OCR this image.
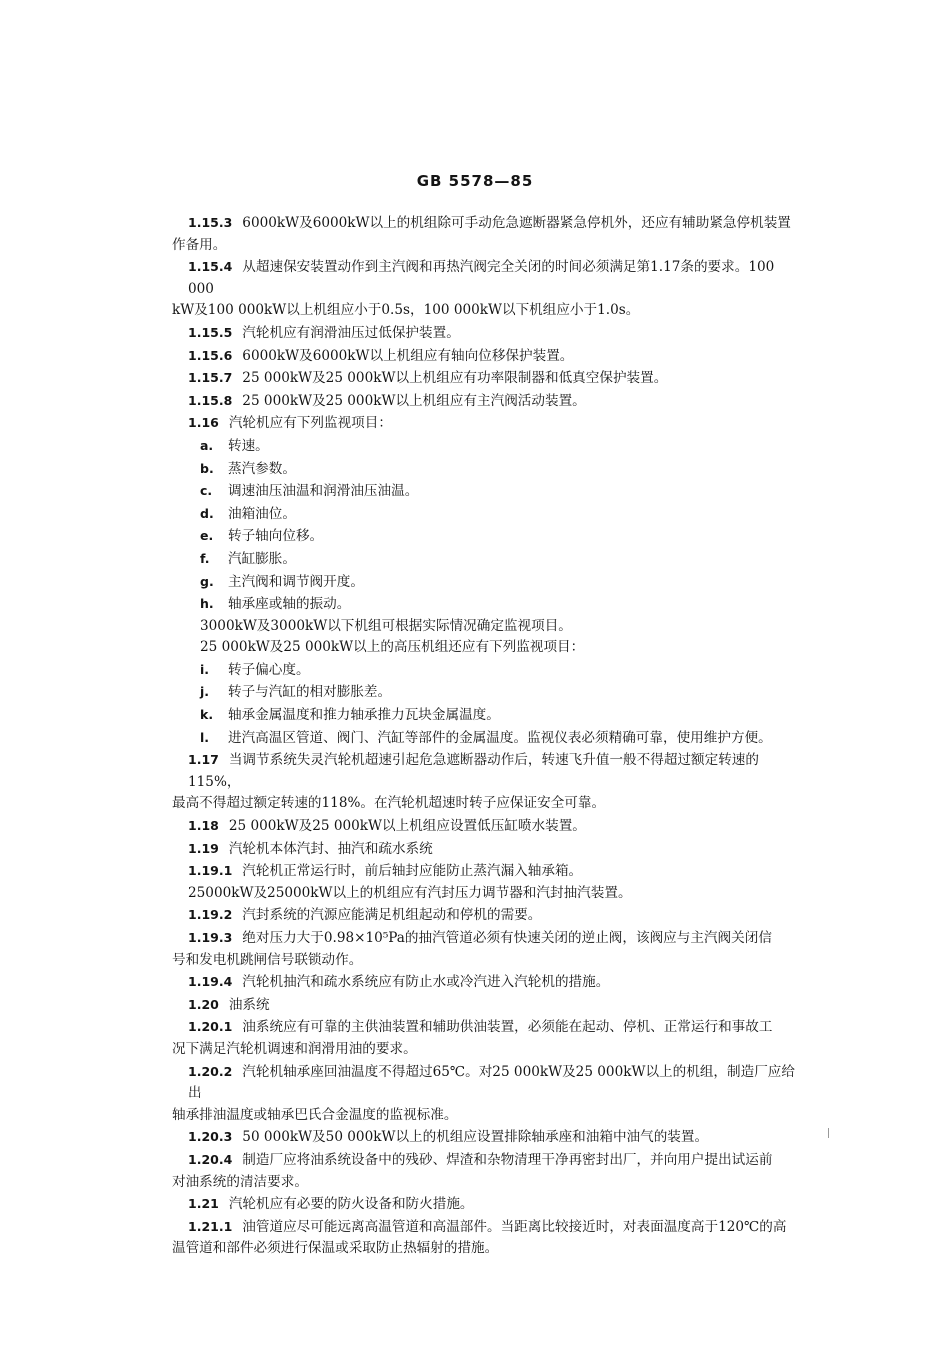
GB 5578—85

1.15.3 6000kW及6000kW以上的机组除可手动危急遮断器紧急停机外，还应有辅助紧急停机装置

作备用。

1.15.4 从超速保安装置动作到主汽阀和再热汽阀完全关闭的时间必须满足第1.17条的要求。100 000

kW及100 000kW以上机组应小于0.5s，100 000kW以下机组应小于1.0s。

1.15.5 汽轮机应有润滑油压过低保护装置。

1.15.6 6000kW及6000kW以上机组应有轴向位移保护装置。

1.15.7 25 000kW及25 000kW以上机组应有功率限制器和低真空保护装置。

1.15.8 25 000kW及25 000kW以上机组应有主汽阀活动装置。

1.16 汽轮机应有下列监视项目：

a. 转速。

b. 蒸汽参数。

c. 调速油压油温和润滑油压油温。

d. 油箱油位。

e. 转子轴向位移。

f. 汽缸膨胀。

g. 主汽阀和调节阀开度。

h. 轴承座或轴的振动。

3000kW及3000kW以下机组可根据实际情况确定监视项目。

25 000kW及25 000kW以上的高压机组还应有下列监视项目：

i. 转子偏心度。

j. 转子与汽缸的相对膨胀差。

k. 轴承金属温度和推力轴承推力瓦块金属温度。

l. 进汽高温区管道、阀门、汽缸等部件的金属温度。监视仪表必须精确可靠，使用维护方便。

1.17 当调节系统失灵汽轮机超速引起危急遮断器动作后，转速飞升值一般不得超过额定转速的115%，

最高不得超过额定转速的118%。在汽轮机超速时转子应保证安全可靠。

1.18 25 000kW及25 000kW以上机组应设置低压缸喷水装置。

1.19 汽轮机本体汽封、抽汽和疏水系统

1.19.1 汽轮机正常运行时，前后轴封应能防止蒸汽漏入轴承箱。

25000kW及25000kW以上的机组应有汽封压力调节器和汽封抽汽装置。

1.19.2 汽封系统的汽源应能满足机组起动和停机的需要。

1.19.3 绝对压力大于0.98×10⁵Pa的抽汽管道必须有快速关闭的逆止阀，该阀应与主汽阀关闭信

号和发电机跳闸信号联锁动作。

1.19.4 汽轮机抽汽和疏水系统应有防止水或冷汽进入汽轮机的措施。

1.20 油系统

1.20.1 油系统应有可靠的主供油装置和辅助供油装置，必须能在起动、停机、正常运行和事故工

况下满足汽轮机调速和润滑用油的要求。

1.20.2 汽轮机轴承座回油温度不得超过65℃。对25 000kW及25 000kW以上的机组，制造厂应给出

轴承排油温度或轴承巴氏合金温度的监视标准。

1.20.3 50 000kW及50 000kW以上的机组应设置排除轴承座和油箱中油气的装置。

1.20.4 制造厂应将油系统设备中的残砂、焊渣和杂物清理干净再密封出厂，并向用户提出试运前

对油系统的清洁要求。

1.21 汽轮机应有必要的防火设备和防火措施。

1.21.1 油管道应尽可能远离高温管道和高温部件。当距离比较接近时，对表面温度高于120℃的高

温管道和部件必须进行保温或采取防止热辐射的措施。
